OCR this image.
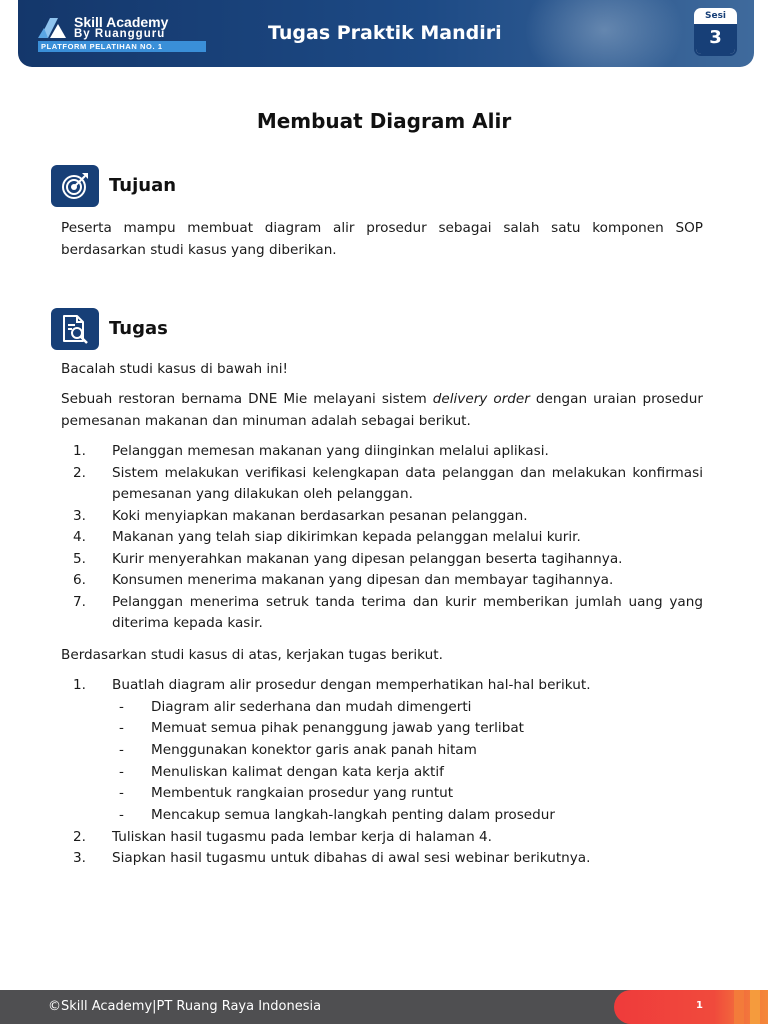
Skill Academy
By Ruangguru
PLATFORM PELATIHAN NO. 1
Tugas Praktik Mandiri
Sesi
3
Membuat Diagram Alir
Tujuan
Peserta mampu membuat diagram alir prosedur sebagai salah satu komponen SOP berdasarkan studi kasus yang diberikan.
Tugas
Bacalah studi kasus di bawah ini!
Sebuah restoran bernama DNE Mie melayani sistem delivery order dengan uraian prosedur pemesanan makanan dan minuman adalah sebagai berikut.
1. Pelanggan memesan makanan yang diinginkan melalui aplikasi.
2. Sistem melakukan verifikasi kelengkapan data pelanggan dan melakukan konfirmasi pemesanan yang dilakukan oleh pelanggan.
3. Koki menyiapkan makanan berdasarkan pesanan pelanggan.
4. Makanan yang telah siap dikirimkan kepada pelanggan melalui kurir.
5. Kurir menyerahkan makanan yang dipesan pelanggan beserta tagihannya.
6. Konsumen menerima makanan yang dipesan dan membayar tagihannya.
7. Pelanggan menerima setruk tanda terima dan kurir memberikan jumlah uang yang diterima kepada kasir.
Berdasarkan studi kasus di atas, kerjakan tugas berikut.
1. Buatlah diagram alir prosedur dengan memperhatikan hal-hal berikut.
- Diagram alir sederhana dan mudah dimengerti
- Memuat semua pihak penanggung jawab yang terlibat
- Menggunakan konektor garis anak panah hitam
- Menuliskan kalimat dengan kata kerja aktif
- Membentuk rangkaian prosedur yang runtut
- Mencakup semua langkah-langkah penting dalam prosedur
2. Tuliskan hasil tugasmu pada lembar kerja di halaman 4.
3. Siapkan hasil tugasmu untuk dibahas di awal sesi webinar berikutnya.
©Skill Academy|PT Ruang Raya Indonesia	1
